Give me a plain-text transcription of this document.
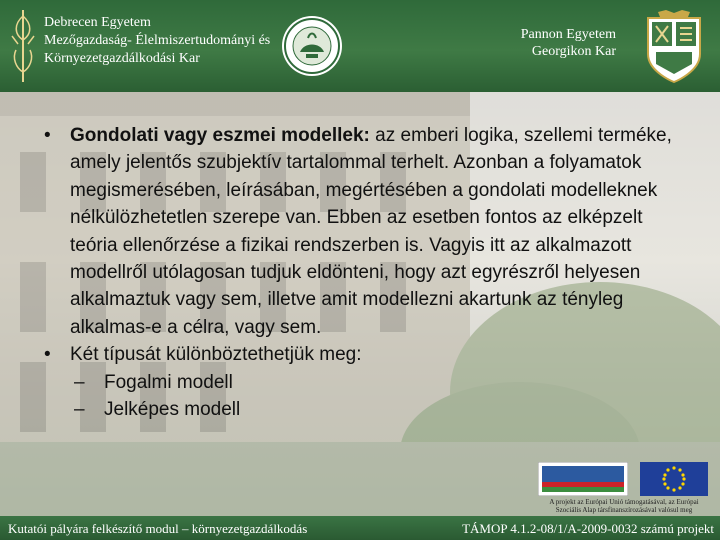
Debrecen Egyetem
Mezőgazdaság- Élelmiszertudományi és
Környezetgazdálkodási Kar
Pannon Egyetem
Georgikon Kar
• Gondolati vagy eszmei modellek: az emberi logika, szellemi terméke, amely jelentős szubjektív tartalommal terhelt. Azonban a folyamatok megismerésében, leírásában, megértésében a gondolati modelleknek nélkülözhetetlen szerepe van. Ebben az esetben fontos az elképzelt teória ellenőrzése a fizikai rendszerben is. Vagyis itt az alkalmazott modellről utólagosan tudjuk eldönteni, hogy azt egyrészről helyesen alkalmaztuk vagy sem, illetve amit modellezni akartunk az tényleg alkalmas-e a célra, vagy sem.
• Két típusát különböztethetjük meg:
– Fogalmi modell
– Jelképes modell
A projekt az Európai Unió támogatásával, az Európai
Szociális Alap társfinanszírozásával valósul meg
Kutatói pályára felkészítő modul – környezetgazdálkodás	TÁMOP 4.1.2-08/1/A-2009-0032 számú projekt
